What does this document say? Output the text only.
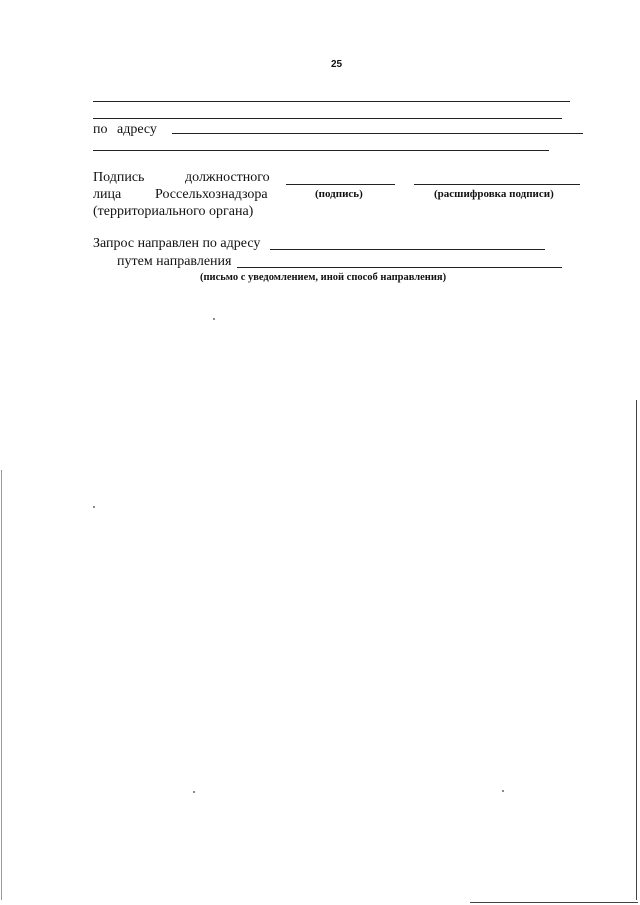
25
по адресу
Подпись	должностного
лица Россельхознадзора
(территориального органа)
(подпись)	(расшифровка подписи)
Запрос направлен по адресу
путем направления
(письмо с уведомлением, иной способ направления)
